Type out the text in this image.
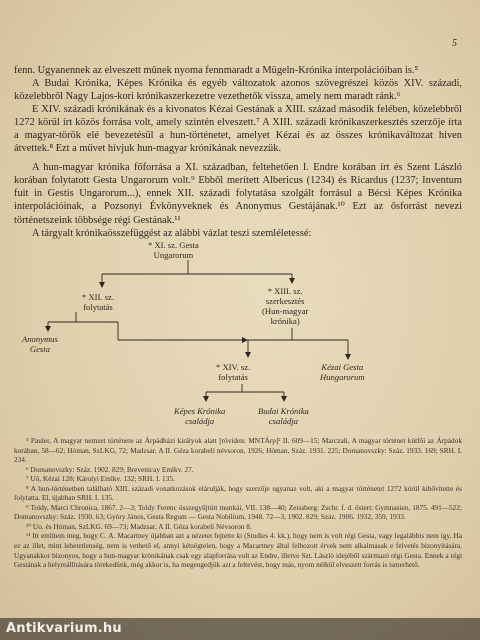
5

fenn. Ugyanennek az elveszett mûnek nyoma fennmaradt a Mügeln-Krónika interpolációiban is.⁵

A Budai Krónika, Képes Krónika és egyéb változatok azonos szövegrészei közös XIV. századi, közelebbről Nagy Lajos-kori krónikaszerkezetre vezethetők vissza, amely nem maradt ránk.⁶

E XIV. századi krónikának és a kivonatos Kézai Gestának a XIII. század második felében, közelebbről 1272 körül írt közös forrása volt, amely szintén elveszett.⁷ A XIII. századi krónikaszerkesztés szerzője írta a magyar-török elé bevezetésül a hun-történetet, amelyet Kézai és az összes krónikaváltozat hiven átvettek.⁸ Ezt a művet hívjuk hun-magyar krónikának nevezzük.

A hun-magyar krónika főforrása a XI. században, feltehetően I. Endre korában írt és Szent László korában folytatott Gesta Ungarorum volt.⁹ Ebből merített Albericus (1234) és Ricardus (1237; Inventum fuit in Gestis Ungarorum...), ennek XII. századi folytatása szolgált forrásul a Bécsi Képes Krónika interpolációinak, a Pozsonyi Évkönyveknek és Anonymus Gestájának.¹⁰ Ezt az ősforrást nevezi történetszeink többsége régi Gestának.¹¹

A tárgyalt krónikaösszefüggést az alábbi vázlat teszi szemléletessé:

* XI. sz. Gesta
Ungarorum
* XII. sz.
folytatás
* XIII. sz.
szerkesztés
(Hun-magyar
krónika)
Anonymus
Gesta
* XIV. sz.
folytatás
Kézai Gesta
Hungarorum
Képes Krónika
családja
Budai Krónika
családja

⁵ Pauler, A magyar nemzet története az Árpádházi királyok alatt [röviden: MNTÁrp]² II. 609—15; Marczali, A magyar történet kútfői az Árpádok korában, 58—62; Hóman, SzLKG, 72; Madzsar, A II. Géza korabeli névsoron, 1926; Hóman, Száz. 1931. 225; Domanovszky: Száz. 1933. 169; SRH. I. 234.

⁶ Domanovszky: Száz. 1902. 829; Brevenicay Emlkv. 27.

⁷ Uő, Kézai 128; Károlyi Emlkv. 132; SRH. I. 135.

⁸ A hun-történetben található XIII. századi vonatkozások elárulják, hogy szerzője ugyanaz volt, aki a magyar történetet 1272 körül kibővítette és folytatta. El, újabban SRH. I. 135.

⁹ Toldy, Marci Chronica, 1867. 2—3; Toldy Ferenc összegyűjtött munkái, VII. 138—40; Zeissberg: Zschr. f. d. österr. Gymnasien, 1875. 491—522; Domanovszky: Száz. 1930. 63; Gyóry János, Gesta Regum — Gesta Nobilium, 1948. 72—3, 1902. 829; Száz. 1906. 1932, 359, 1933.

¹⁰ Uo. és Hóman, SzLKG. 69—73; Madzsar, A II. Géza korabeli Névsoron 8.

¹¹ Itt említem meg, hogy C. A. Macartney újabban azt a nézetet fejtette ki (Studies 4. kk.), hogy nem is volt régi Gesta, vagy legalábbis nem így. Ha ez az illet, mint lehetetlenség, nem is vethető el, annyi kétségtelen, hogy a Macartney által felhozott érvek nem alkalmasak e felvetés bizonyítására. Ugyanakkor bizonyos, hogy a hun-magyar krónikának csak egy alapforrása volt az Endre, illetve Szt. László idejéből származó régi Gesta. Ennek a régi Gestának a helyreállítására törekedünk, még akkor is, ha megengedjük azt a feltevést, hogy más, nyom nélkül elveszett forrás is ismerhető.

Antikvarium.hu
